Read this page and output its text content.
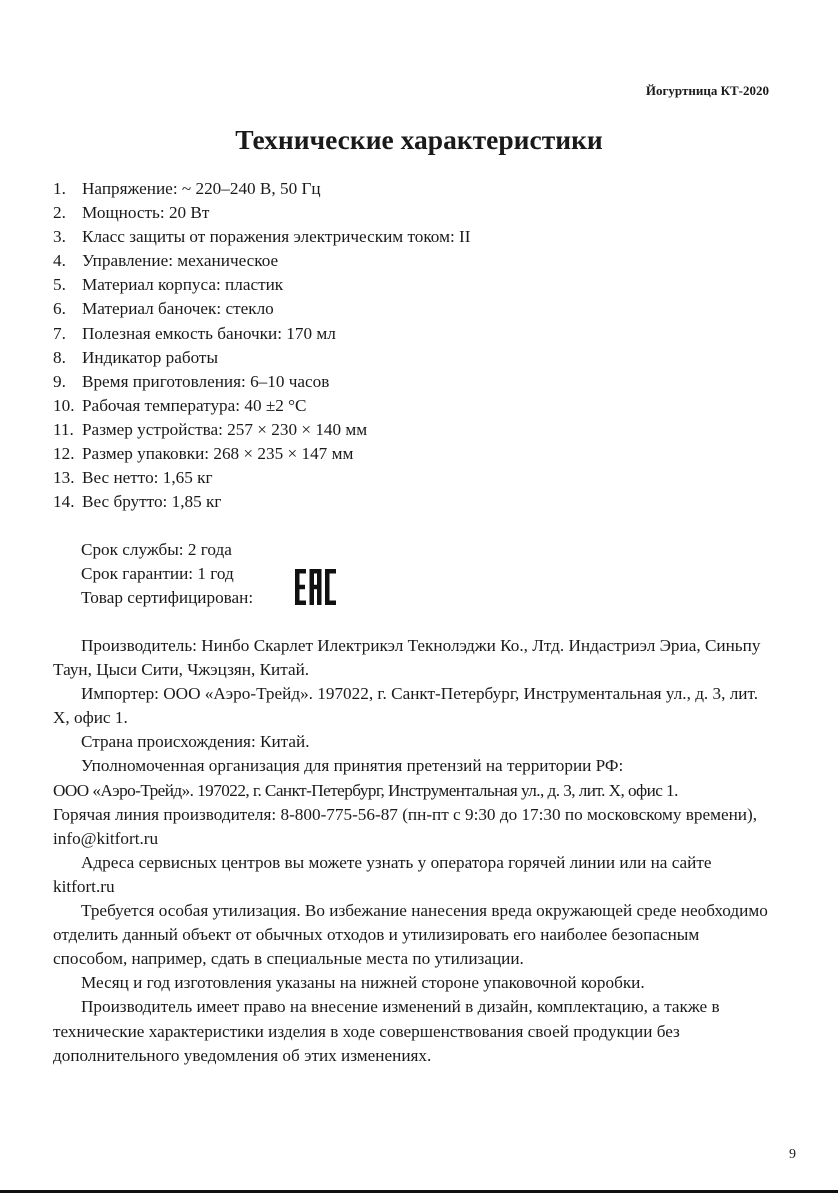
Йогуртница КТ-2020
Технические характеристики
1. Напряжение: ~ 220–240 В, 50 Гц
2. Мощность: 20 Вт
3. Класс защиты от поражения электрическим током: II
4. Управление: механическое
5. Материал корпуса: пластик
6. Материал баночек: стекло
7. Полезная емкость баночки: 170 мл
8. Индикатор работы
9. Время приготовления: 6–10 часов
10. Рабочая температура: 40 ±2 °C
11. Размер устройства: 257 × 230 × 140 мм
12. Размер упаковки: 268 × 235 × 147 мм
13. Вес нетто: 1,65 кг
14. Вес брутто: 1,85 кг
Срок службы: 2 года
Срок гарантии: 1 год
Товар сертифицирован:

Производитель: Нинбо Скарлет Илектрикэл Текнолэджи Ко., Лтд. Индастриэл Эриа, Синьпу Таун, Цыси Сити, Чжэцзян, Китай.

Импортер: ООО «Аэро-Трейд». 197022, г. Санкт-Петербург, Инструментальная ул., д. 3, лит. Х, офис 1.

Страна происхождения: Китай.

Уполномоченная организация для принятия претензий на территории РФ:

ООО «Аэро-Трейд». 197022, г. Санкт-Петербург, Инструментальная ул., д. 3, лит. Х, офис 1.

Горячая линия производителя: 8-800-775-56-87 (пн-пт с 9:30 до 17:30 по московскому времени), info@kitfort.ru

Адреса сервисных центров вы можете узнать у оператора горячей линии или на сайте kitfort.ru

Требуется особая утилизация. Во избежание нанесения вреда окружающей среде необходимо отделить данный объект от обычных отходов и утилизировать его наиболее безопасным способом, например, сдать в специальные места по утилизации.

Месяц и год изготовления указаны на нижней стороне упаковочной коробки.

Производитель имеет право на внесение изменений в дизайн, комплектацию, а также в технические характеристики изделия в ходе совершенствования своей продукции без дополнительного уведомления об этих изменениях.

9
